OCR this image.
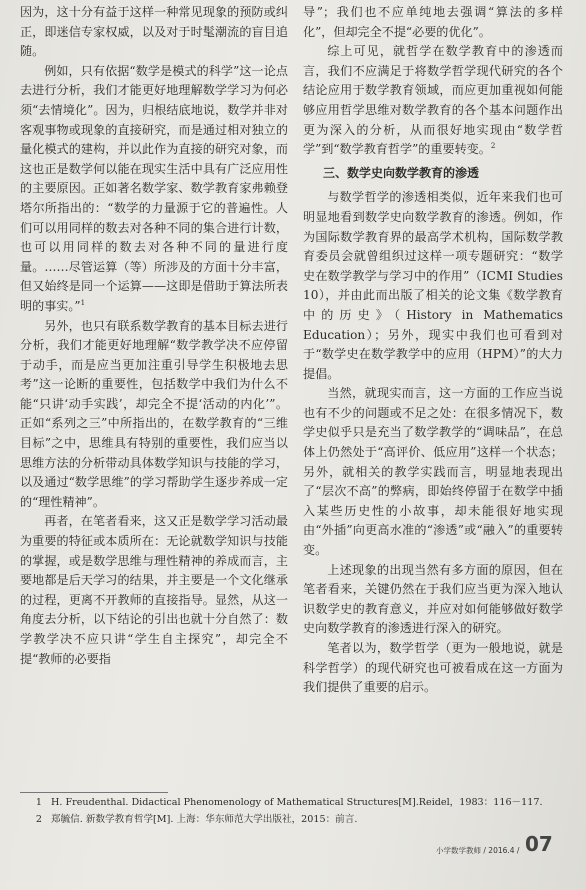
因为，这十分有益于这样一种常见现象的预防或纠正，即迷信专家权威，以及对于时髦潮流的盲目追随。

例如，只有依据“数学是模式的科学”这一论点去进行分析，我们才能更好地理解数学学习为何必须“去情境化”。因为，归根结底地说，数学并非对客观事物或现象的直接研究，而是通过相对独立的量化模式的建构，并以此作为直接的研究对象，而这也正是数学何以能在现实生活中具有广泛应用性的主要原因。正如著名数学家、数学教育家弗赖登塔尔所指出的：“数学的力量源于它的普遍性。人们可以用同样的数去对各种不同的集合进行计数，也可以用同样的数去对各种不同的量进行度量。……尽管运算（等）所涉及的方面十分丰富，但又始终是同一个运算——这即是借助于算法所表明的事实。”$^1$

另外，也只有联系数学教育的基本目标去进行分析，我们才能更好地理解“数学教学决不应停留于动手，而是应当更加注重引导学生积极地去思考”这一论断的重要性，包括数学中我们为什么不能“只讲‘动手实践’，却完全不提‘活动的内化’”。正如“系列之三”中所指出的，在数学教育的“三维目标”之中，思维具有特别的重要性，我们应当以思维方法的分析带动具体数学知识与技能的学习，以及通过“数学思维”的学习帮助学生逐步养成一定的“理性精神”。

再者，在笔者看来，这又正是数学学习活动最为重要的特征或本质所在：无论就数学知识与技能的掌握，或是数学思维与理性精神的养成而言，主要地都是后天学习的结果，并主要是一个文化继承的过程，更离不开教师的直接指导。显然，从这一角度去分析，以下结论的引出也就十分自然了：数学教学决不应只讲“学生自主探究”，却完全不提“教师的必要指

导”；我们也不应单纯地去强调“算法的多样化”，但却完全不提“必要的优化”。

综上可见，就哲学在数学教育中的渗透而言，我们不应满足于将数学哲学现代研究的各个结论应用于数学教育领域，而应更加重视如何能够应用哲学思维对数学教育的各个基本问题作出更为深入的分析，从而很好地实现由“数学哲学”到“数学教育哲学”的重要转变。$^2$

三、数学史向数学教育的渗透

与数学哲学的渗透相类似，近年来我们也可明显地看到数学史向数学教育的渗透。例如，作为国际数学教育界的最高学术机构，国际数学教育委员会就曾组织过这样一项专题研究：“数学史在数学教学与学习中的作用”（ICMI Studies 10），并由此而出版了相关的论文集《数学教育中的历史》（History in Mathematics Education）；另外，现实中我们也可看到对于“数学史在数学教学中的应用（HPM）”的大力提倡。

当然，就现实而言，这一方面的工作应当说也有不少的问题或不足之处：在很多情况下，数学史似乎只是充当了数学教学的“调味品”，在总体上仍然处于“高评价、低应用”这样一个状态；另外，就相关的教学实践而言，明显地表现出了“层次不高”的弊病，即始终停留于在数学中插入某些历史性的小故事，却未能很好地实现由“外插”向更高水准的“渗透”或“融入”的重要转变。

上述现象的出现当然有多方面的原因，但在笔者看来，关键仍然在于我们应当更为深入地认识数学史的教育意义，并应对如何能够做好数学史向数学教育的渗透进行深入的研究。

笔者以为，数学哲学（更为一般地说，就是科学哲学）的现代研究也可被看成在这一方面为我们提供了重要的启示。

1 H. Freudenthal. Didactical Phenomenology of Mathematical Structures[M].Reidel，1983：116－117.
2 郑毓信. 新数学教育哲学[M]. 上海：华东师范大学出版社，2015：前言.
小学数学教师 / 2016.4 / 07
